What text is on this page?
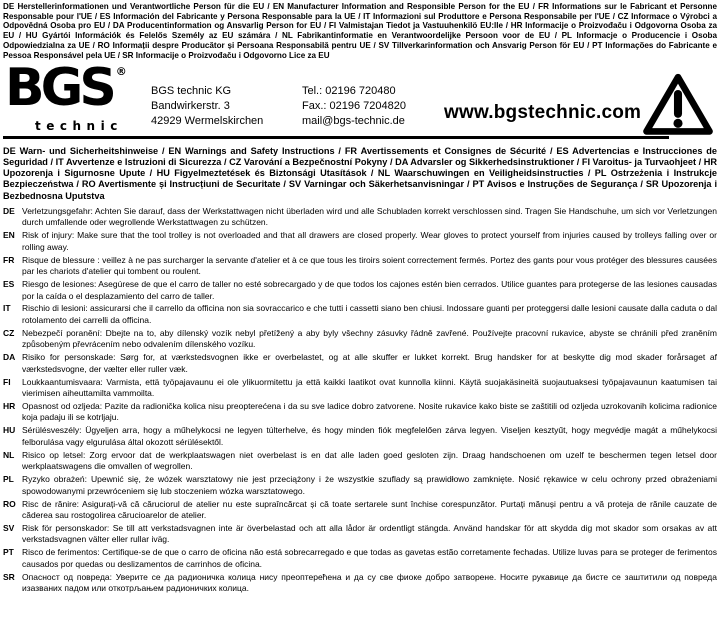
DE Herstellerinformationen und Verantwortliche Person für die EU / EN Manufacturer Information and Responsible Person for the EU / FR Informations sur le Fabricant et Personne Responsable pour l'UE / ES Información del Fabricante y Persona Responsable para la UE / IT Informazioni sul Produttore e Persona Responsabile per l'UE / CZ Informace o Výrobci a Odpovědná Osoba pro EU / DA Producentinformation og Ansvarlig Person for EU / FI Valmistajan Tiedot ja Vastuuhenkilö EU:lle / HR Informacije o Proizvođaču i Odgovorna Osoba za EU / HU Gyártói Információk és Felelős Személy az EU számára / NL Fabrikantinformatie en Verantwoordelijke Persoon voor de EU / PL Informacje o Producencie i Osoba Odpowiedzialna za UE / RO Informații despre Producător și Persoana Responsabilă pentru UE / SV Tillverkarinformation och Ansvarig Person för EU / PT Informações do Fabricante e Pessoa Responsável pela UE / SR Informacije o Proizvođaču i Odgovorno Lice za EU
BGS ®
technic
BGS technic KG
Bandwirkerstr. 3
42929 Wermelskirchen
Tel.: 02196 720480
Fax.: 02196 7204820
mail@bgs-technic.de www.bgstechnic.com
DE Warn- und Sicherheitshinweise / EN Warnings and Safety Instructions / FR Avertissements et Consignes de Sécurité / ES Advertencias e Instrucciones de Seguridad / IT Avvertenze e Istruzioni di Sicurezza / CZ Varování a Bezpečnostní Pokyny / DA Advarsler og Sikkerhedsinstruktioner / FI Varoitus- ja Turvaohjeet / HR Upozorenja i Sigurnosne Upute / HU Figyelmeztetések és Biztonsági Utasítások / NL Waarschuwingen en Veiligheidsinstructies / PL Ostrzeżenia i Instrukcje Bezpieczeństwa / RO Avertismente și Instrucțiuni de Securitate / SV Varningar och Säkerhetsanvisningar / PT Avisos e Instruções de Segurança / SR Upozorenja i Bezbednosna Uputstva
DE Verletzungsgefahr: Achten Sie darauf, dass der Werkstattwagen nicht überladen wird und alle Schubladen korrekt verschlossen sind. Tragen Sie Handschuhe, um sich vor Verletzungen durch umfallende oder wegrollende Werkstattwagen zu schützen.
EN Risk of injury: Make sure that the tool trolley is not overloaded and that all drawers are closed properly. Wear gloves to protect yourself from injuries caused by trolleys falling over or rolling away.
FR Risque de blessure : veillez à ne pas surcharger la servante d'atelier et à ce que tous les tiroirs soient correctement fermés. Portez des gants pour vous protéger des blessures causées par les chariots d'atelier qui tombent ou roulent.
ES Riesgo de lesiones: Asegúrese de que el carro de taller no esté sobrecargado y de que todos los cajones estén bien cerrados. Utilice guantes para protegerse de las lesiones causadas por la caída o el desplazamiento del carro de taller.
IT	Rischio di lesioni: assicurarsi che il carrello da officina non sia sovraccarico e che tutti i cassetti siano ben chiusi. Indossare guanti per proteggersi dalle lesioni causate dalla caduta o dal rotolamento dei carrelli da officina.
CZ Nebezpečí poranění: Dbejte na to, aby dílenský vozík nebyl přetížený a aby byly všechny zásuvky řádně zavřené. Používejte pracovní rukavice, abyste se chránili před zraněním způsobeným převrácením nebo odvalením dílenského vozíku.
DA Risiko for personskade: Sørg for, at værkstedsvognen ikke er overbelastet, og at alle skuffer er lukket korrekt. Brug handsker for at beskytte dig mod skader forårsaget af værkstedsvogne, der vælter eller ruller væk.
FI	Loukkaantumisvaara: Varmista, että työpajavaunu ei ole ylikuormitettu ja että kaikki laatikot ovat kunnolla kiinni. Käytä suojakäsineitä suojautuaksesi työpajavaunun kaatumisen tai vierimisen aiheuttamilta vammoilta.
HR Opasnost od ozljeda: Pazite da radionička kolica nisu preopterećena i da su sve ladice dobro zatvorene. Nosite rukavice kako biste se zaštitili od ozljeda uzrokovanih kolicima radionice koja padaju ili se kotrljaju.
HU Sérülésveszély: Ügyeljen arra, hogy a műhelykocsi ne legyen túlterhelve, és hogy minden fiók megfelelően zárva legyen. Viseljen kesztyűt, hogy megvédje magát a műhelykocsi felborulása vagy elgurulása által okozott sérülésektől.
NL Risico op letsel: Zorg ervoor dat de werkplaatswagen niet overbelast is en dat alle laden goed gesloten zijn. Draag handschoenen om uzelf te beschermen tegen letsel door werkplaatswagens die omvallen of wegrollen.
PL Ryzyko obrażeń: Upewnić się, że wózek warsztatowy nie jest przeciążony i że wszystkie szuflady są prawidłowo zamknięte. Nosić rękawice w celu ochrony przed obrażeniami spowodowanymi przewróceniem się lub stoczeniem wózka warsztatowego.
RO Risc de rănire: Asigurați-vă că căruciorul de atelier nu este supraîncărcat și că toate sertarele sunt închise corespunzător. Purtați mănuși pentru a vă proteja de rănile cauzate de căderea sau rostogolirea cărucioarelor de atelier.
SV Risk för personskador: Se till att verkstadsvagnen inte är överbelastad och att alla lådor är ordentligt stängda. Använd handskar för att skydda dig mot skador som orsakas av att verkstadsvagnen välter eller rullar iväg.
PT Risco de ferimentos: Certifique-se de que o carro de oficina não está sobrecarregado e que todas as gavetas estão corretamente fechadas. Utilize luvas para se proteger de ferimentos causados por quedas ou deslizamentos de carrinhos de oficina.
SR Опасност од повреда: Уверите се да радионичка колица нису преоптерећена и да су све фиоке добро затворене. Носите рукавице да бисте се заштитили од повреда изазваних падом или откотрљањем радионичких колица.
